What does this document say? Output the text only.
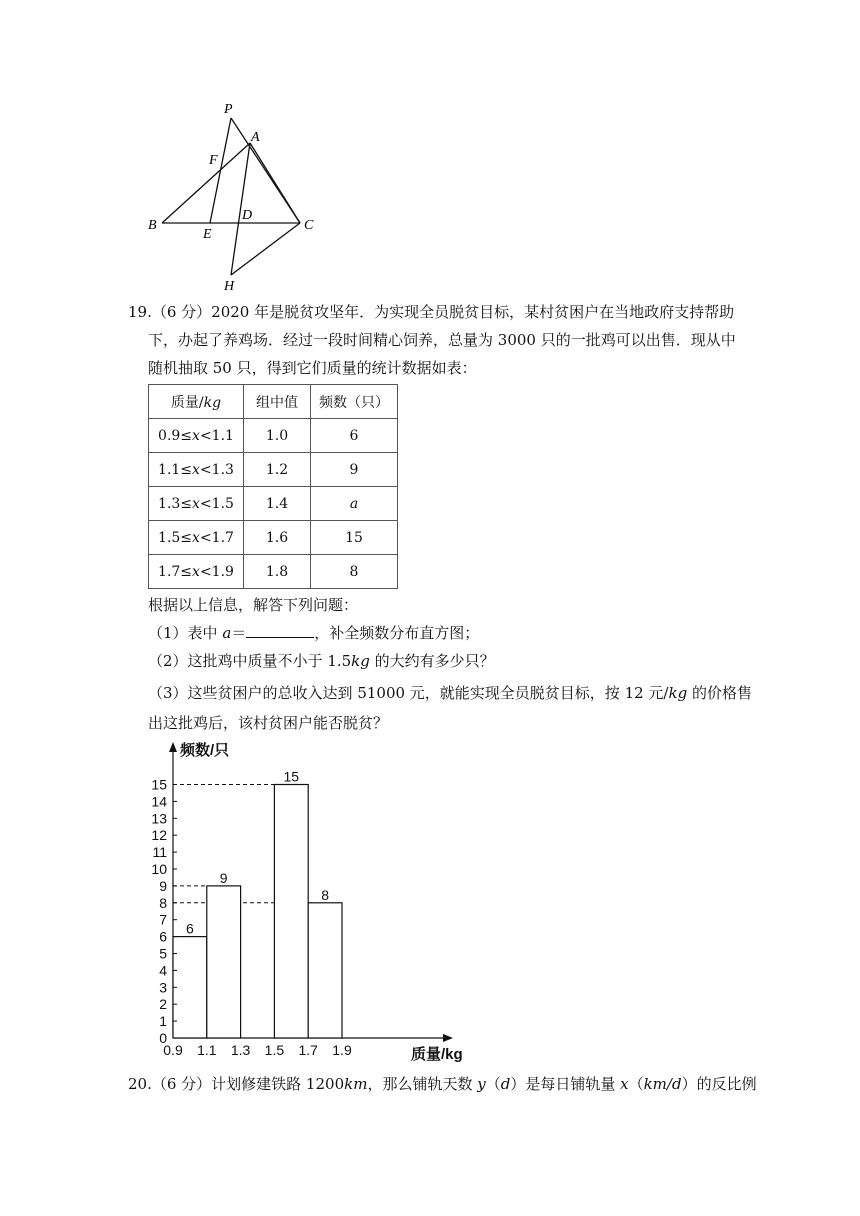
P
A
F
D
B
E
C
H
19.（6 分）2020 年是脱贫攻坚年．为实现全员脱贫目标，某村贫困户在当地政府支持帮助
下，办起了养鸡场．经过一段时间精心饲养，总量为 3000 只的一批鸡可以出售．现从中
随机抽取 50 只，得到它们质量的统计数据如表：
质量/kg	组中值	频数（只）
0.9≤x<1.1	1.0	6
1.1≤x<1.3	1.2	9
1.3≤x<1.5	1.4	a
1.5≤x<1.7	1.6	15
1.7≤x<1.9	1.8	8
根据以上信息，解答下列问题：
（1）表中 a＝	，补全频数分布直方图；
（2）这批鸡中质量不小于 1.5kg 的大约有多少只？
（3）这些贫困户的总收入达到 51000 元，就能实现全员脱贫目标，按 12 元/kg 的价格售
出这批鸡后，该村贫困户能否脱贫？
0
1
2
3
4
5
6
7
8
9
10
11
12
13
14
15
0.9 1.1 1.3 1.5 1.7 1.9
6
9
15
8
频数/只
质量/kg
20.（6 分）计划修建铁路 1200km，那么铺轨天数 y（d）是每日铺轨量 x（km/d）的反比例
